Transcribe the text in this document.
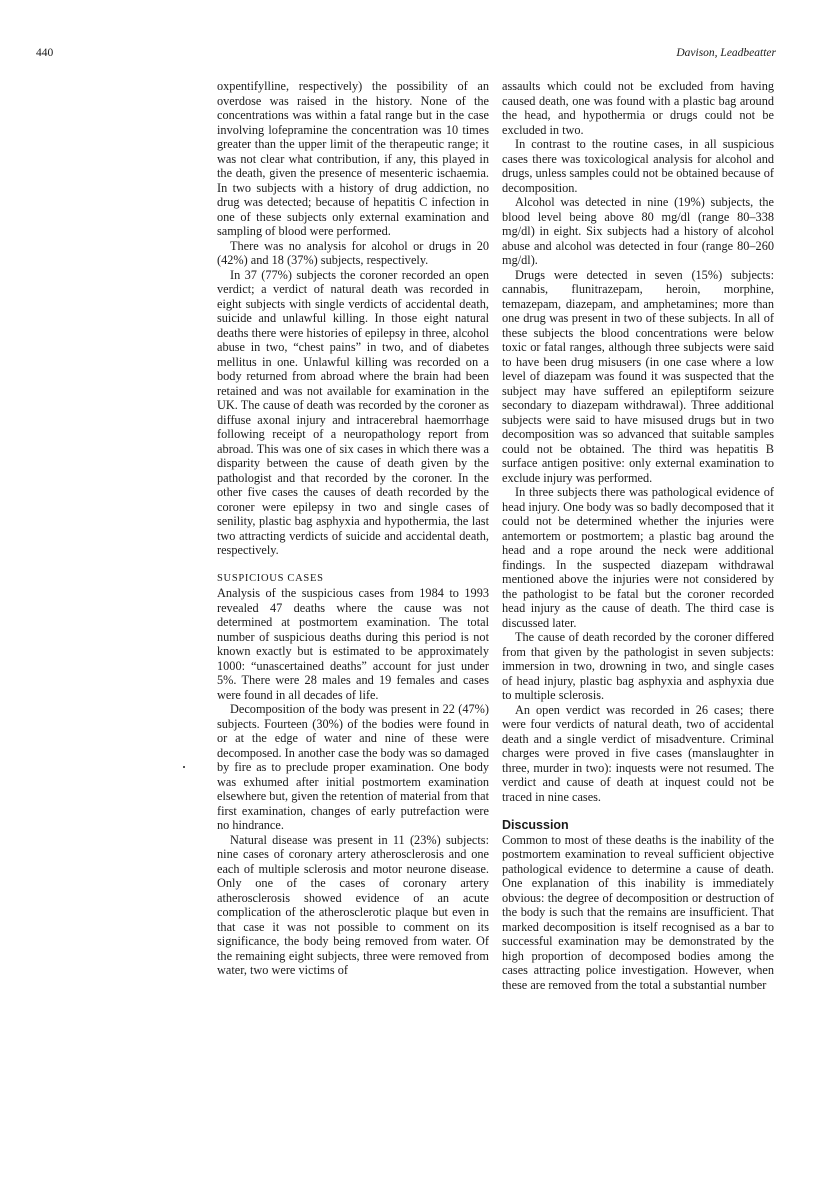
440	Davison, Leadbeatter

oxpentifylline, respectively) the possibility of an overdose was raised in the history. None of the concentrations was within a fatal range but in the case involving lofepramine the concentration was 10 times greater than the upper limit of the therapeutic range; it was not clear what contribution, if any, this played in the death, given the presence of mesenteric ischaemia. In two subjects with a history of drug addiction, no drug was detected; because of hepatitis C infection in one of these subjects only external examination and sampling of blood were performed.

There was no analysis for alcohol or drugs in 20 (42%) and 18 (37%) subjects, respectively.

In 37 (77%) subjects the coroner recorded an open verdict; a verdict of natural death was recorded in eight subjects with single verdicts of accidental death, suicide and unlawful killing. In those eight natural deaths there were histories of epilepsy in three, alcohol abuse in two, “chest pains” in two, and of diabetes mellitus in one. Unlawful killing was recorded on a body returned from abroad where the brain had been retained and was not available for examination in the UK. The cause of death was recorded by the coroner as diffuse axonal injury and intracerebral haemorrhage following receipt of a neuropathology report from abroad. This was one of six cases in which there was a disparity between the cause of death given by the pathologist and that recorded by the coroner. In the other five cases the causes of death recorded by the coroner were epilepsy in two and single cases of senility, plastic bag asphyxia and hypothermia, the last two attracting verdicts of suicide and accidental death, respectively.

SUSPICIOUS CASES

Analysis of the suspicious cases from 1984 to 1993 revealed 47 deaths where the cause was not determined at postmortem examination. The total number of suspicious deaths during this period is not known exactly but is estimated to be approximately 1000: “unascertained deaths” account for just under 5%. There were 28 males and 19 females and cases were found in all decades of life.

Decomposition of the body was present in 22 (47%) subjects. Fourteen (30%) of the bodies were found in or at the edge of water and nine of these were decomposed. In another case the body was so damaged by fire as to preclude proper examination. One body was exhumed after initial postmortem examination elsewhere but, given the retention of material from that first examination, changes of early putrefaction were no hindrance.

Natural disease was present in 11 (23%) subjects: nine cases of coronary artery atherosclerosis and one each of multiple sclerosis and motor neurone disease. Only one of the cases of coronary artery atherosclerosis showed evidence of an acute complication of the atherosclerotic plaque but even in that case it was not possible to comment on its significance, the body being removed from water. Of the remaining eight subjects, three were removed from water, two were victims of

assaults which could not be excluded from having caused death, one was found with a plastic bag around the head, and hypothermia or drugs could not be excluded in two.

In contrast to the routine cases, in all suspicious cases there was toxicological analysis for alcohol and drugs, unless samples could not be obtained because of decomposition.

Alcohol was detected in nine (19%) subjects, the blood level being above 80 mg/dl (range 80–338 mg/dl) in eight. Six subjects had a history of alcohol abuse and alcohol was detected in four (range 80–260 mg/dl).

Drugs were detected in seven (15%) subjects: cannabis, flunitrazepam, heroin, morphine, temazepam, diazepam, and amphetamines; more than one drug was present in two of these subjects. In all of these subjects the blood concentrations were below toxic or fatal ranges, although three subjects were said to have been drug misusers (in one case where a low level of diazepam was found it was suspected that the subject may have suffered an epileptiform seizure secondary to diazepam withdrawal). Three additional subjects were said to have misused drugs but in two decomposition was so advanced that suitable samples could not be obtained. The third was hepatitis B surface antigen positive: only external examination to exclude injury was performed.

In three subjects there was pathological evidence of head injury. One body was so badly decomposed that it could not be determined whether the injuries were antemortem or postmortem; a plastic bag around the head and a rope around the neck were additional findings. In the suspected diazepam withdrawal mentioned above the injuries were not considered by the pathologist to be fatal but the coroner recorded head injury as the cause of death. The third case is discussed later.

The cause of death recorded by the coroner differed from that given by the pathologist in seven subjects: immersion in two, drowning in two, and single cases of head injury, plastic bag asphyxia and asphyxia due to multiple sclerosis.

An open verdict was recorded in 26 cases; there were four verdicts of natural death, two of accidental death and a single verdict of misadventure. Criminal charges were proved in five cases (manslaughter in three, murder in two): inquests were not resumed. The verdict and cause of death at inquest could not be traced in nine cases.

Discussion

Common to most of these deaths is the inability of the postmortem examination to reveal sufficient objective pathological evidence to determine a cause of death. One explanation of this inability is immediately obvious: the degree of decomposition or destruction of the body is such that the remains are insufficient. That marked decomposition is itself recognised as a bar to successful examination may be demonstrated by the high proportion of decomposed bodies among the cases attracting police investigation. However, when these are removed from the total a substantial number
